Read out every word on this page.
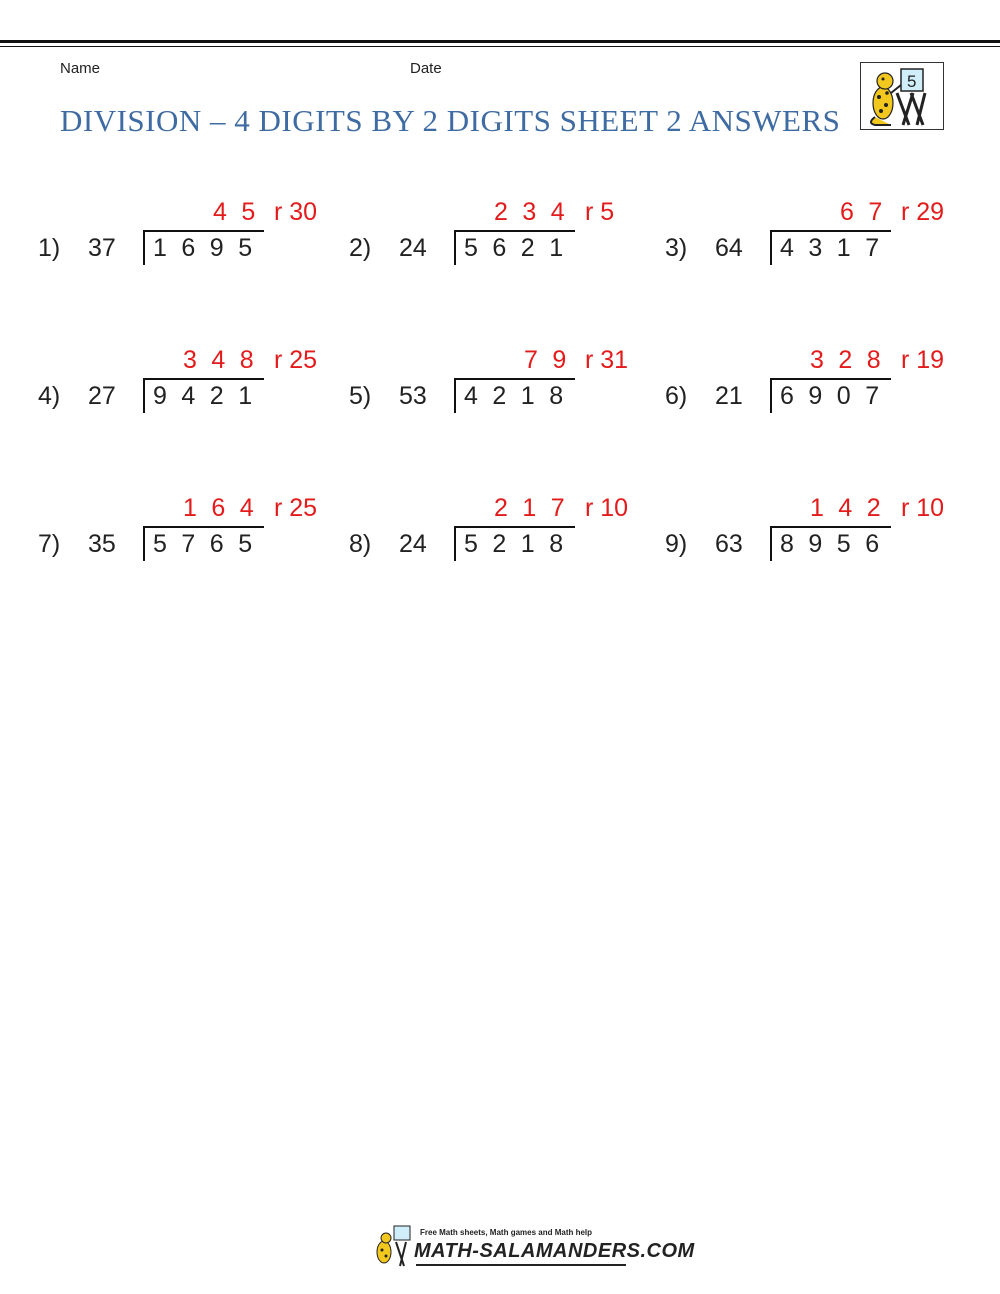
Name	Date
DIVISION – 4 DIGITS BY 2 DIGITS SHEET 2 ANSWERS
5
1) 37 1695
45 r 30
2) 24 5621
234 r 5
3) 64 4317
67 r 29
4) 27 9421
348 r 25
5) 53 4218
79 r 31
6) 21 6907
328 r 19
7) 35 5765
164 r 25
8) 24 5218
217 r 10
9) 63 8956
142 r 10
Free Math sheets, Math games and Math help
MATH-SALAMANDERS.COM
